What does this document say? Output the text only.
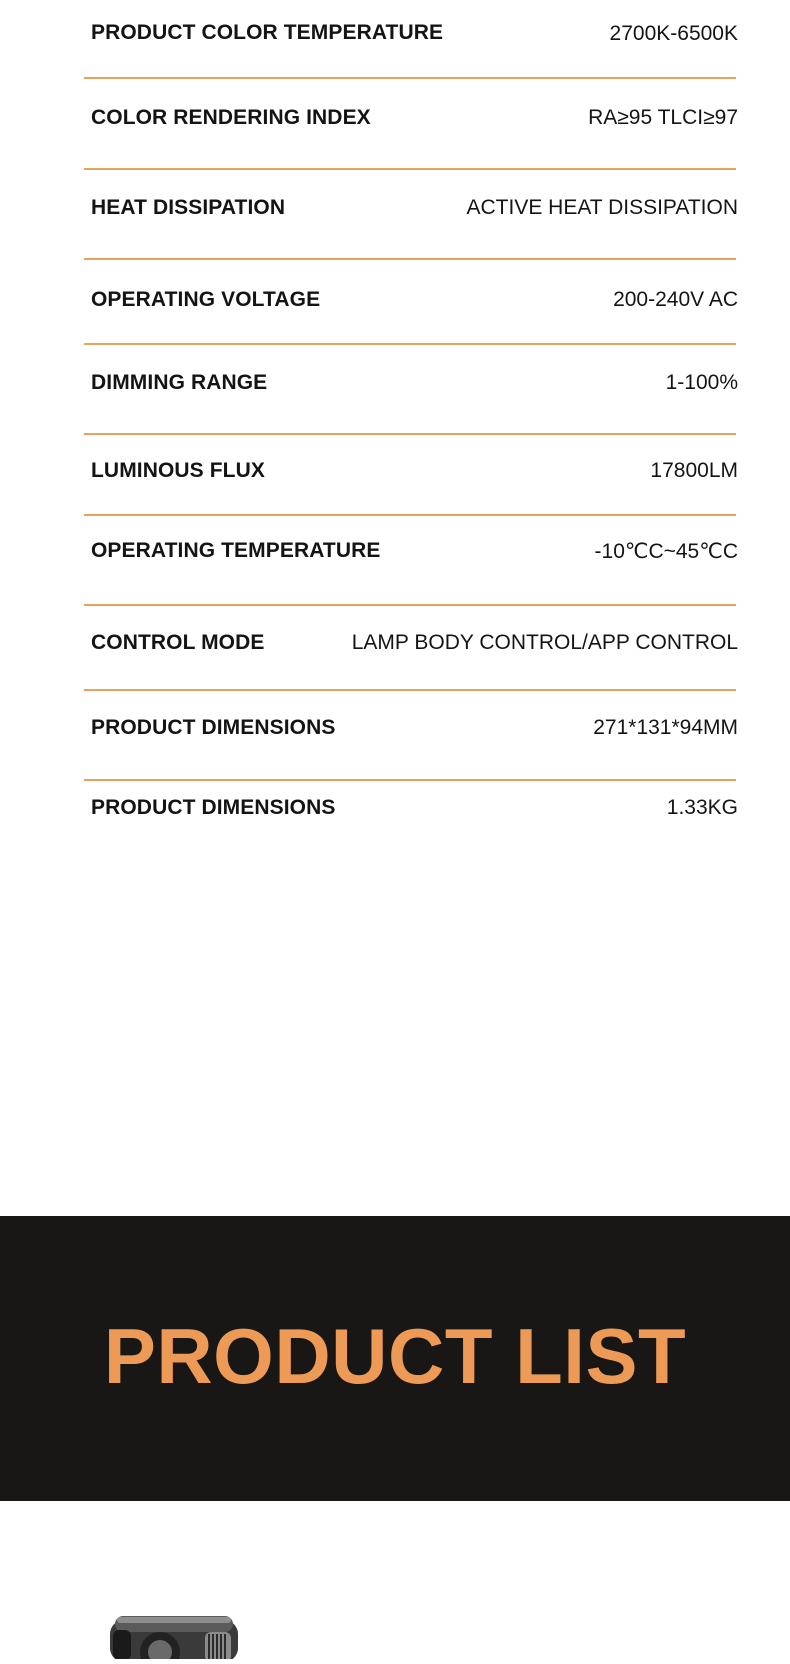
PRODUCT COLOR TEMPERATURE	2700K-6500K
COLOR RENDERING INDEX	RA≥95 TLCI≥97
HEAT DISSIPATION	ACTIVE HEAT DISSIPATION
OPERATING VOLTAGE	200-240V AC
DIMMING RANGE	1-100%
LUMINOUS FLUX	17800LM
OPERATING TEMPERATURE	-10℃C~45℃C
CONTROL MODE	LAMP BODY CONTROL/APP CONTROL
PRODUCT DIMENSIONS	271*131*94MM
PRODUCT DIMENSIONS	1.33KG
PRODUCT LIST
